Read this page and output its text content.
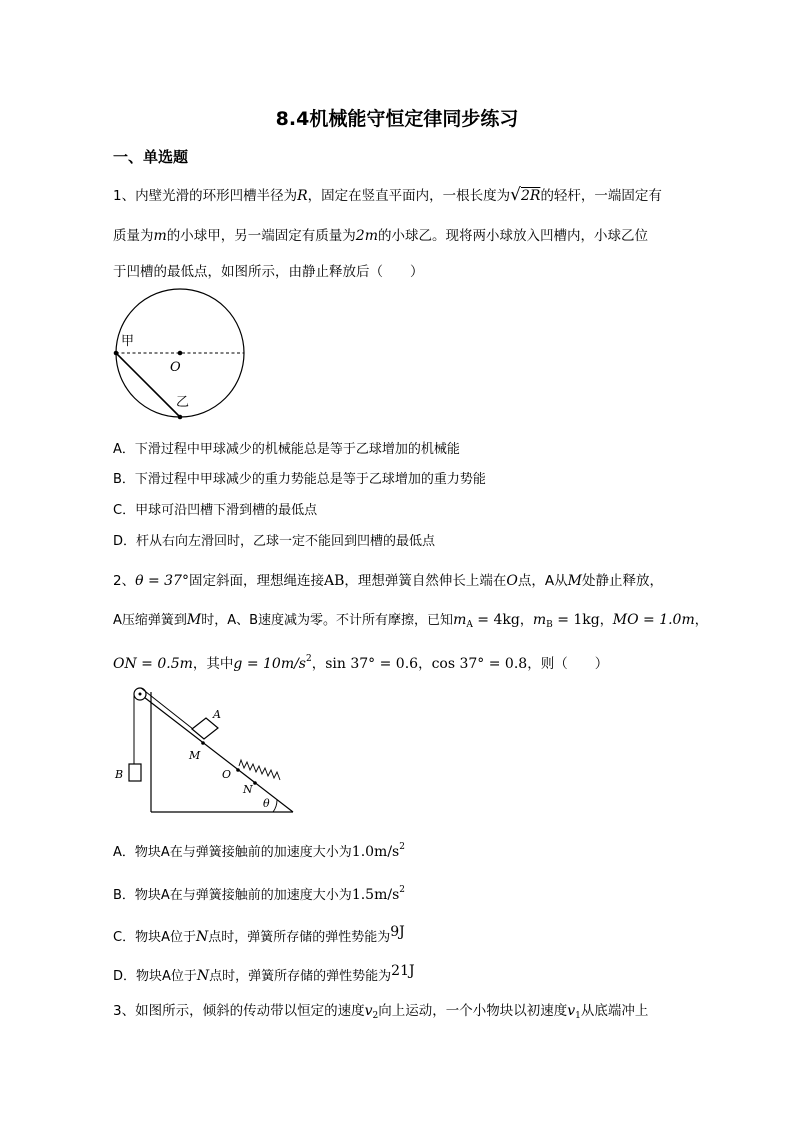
8.4机械能守恒定律同步练习
一、单选题
1、内壁光滑的环形凹槽半径为R，固定在竖直平面内，一根长度为√2R的轻杆，一端固定有
质量为m的小球甲，另一端固定有质量为2m的小球乙。现将两小球放入凹槽内，小球乙位
于凹槽的最低点，如图所示，由静止释放后（　　）
甲
O
乙
A．下滑过程中甲球减少的机械能总是等于乙球增加的机械能
B．下滑过程中甲球减少的重力势能总是等于乙球增加的重力势能
C．甲球可沿凹槽下滑到槽的最低点
D．杆从右向左滑回时，乙球一定不能回到凹槽的最低点
2、θ = 37°固定斜面，理想绳连接AB，理想弹簧自然伸长上端在O点，A从M处静止释放，
A压缩弹簧到M时，A、B速度减为零。不计所有摩擦，已知$m_A = 4kg$，$m_B = 1kg$，MO = 1.0m，
ON = 0.5m，其中$g = 10m/s^2$，sin 37° = 0.6，cos 37° = 0.8，则（　　）
A
M
O
N
B
θ
A．物块A在与弹簧接触前的加速度大小为$1.0m/s^2$
B．物块A在与弹簧接触前的加速度大小为$1.5m/s^2$
C．物块A位于N点时，弹簧所存储的弹性势能为9J
D．物块A位于N点时，弹簧所存储的弹性势能为21J
3、如图所示，倾斜的传动带以恒定的速度$v_2$向上运动，一个小物块以初速度$v_1$从底端冲上
